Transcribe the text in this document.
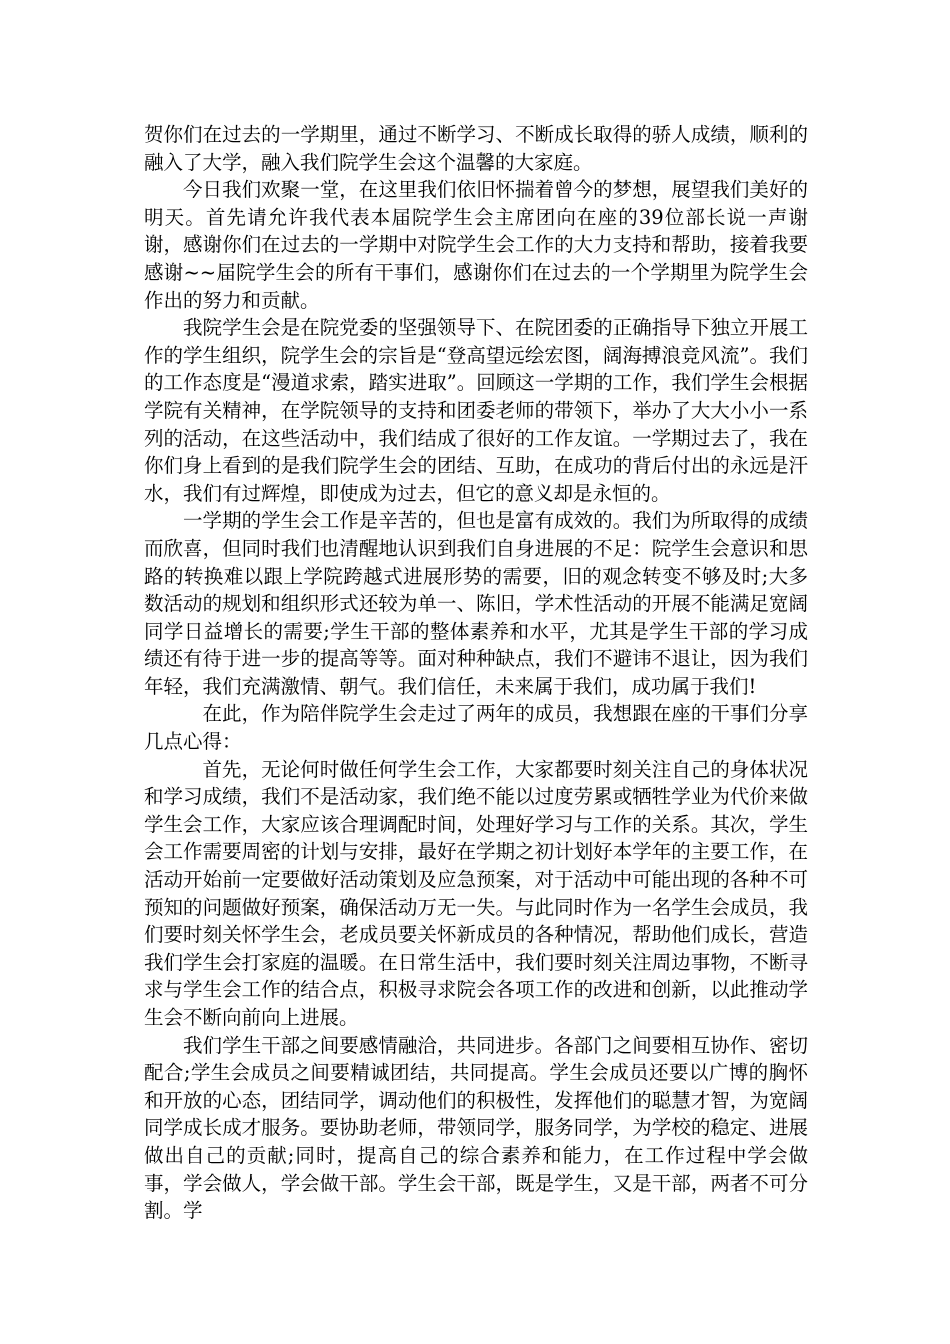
贺你们在过去的一学期里，通过不断学习、不断成长取得的骄人成绩，顺利的融入了大学，融入我们院学生会这个温馨的大家庭。

今日我们欢聚一堂，在这里我们依旧怀揣着曾今的梦想，展望我们美好的明天。首先请允许我代表本届院学生会主席团向在座的39位部长说一声谢谢，感谢你们在过去的一学期中对院学生会工作的大力支持和帮助，接着我要感谢~~届院学生会的所有干事们，感谢你们在过去的一个学期里为院学生会作出的努力和贡献。

我院学生会是在院党委的坚强领导下、在院团委的正确指导下独立开展工作的学生组织，院学生会的宗旨是“登高望远绘宏图，阔海搏浪竞风流”。我们的工作态度是“漫道求索，踏实进取”。回顾这一学期的工作，我们学生会根据学院有关精神，在学院领导的支持和团委老师的带领下，举办了大大小小一系列的活动，在这些活动中，我们结成了很好的工作友谊。一学期过去了，我在你们身上看到的是我们院学生会的团结、互助，在成功的背后付出的永远是汗水，我们有过辉煌，即使成为过去，但它的意义却是永恒的。

一学期的学生会工作是辛苦的，但也是富有成效的。我们为所取得的成绩而欣喜，但同时我们也清醒地认识到我们自身进展的不足：院学生会意识和思路的转换难以跟上学院跨越式进展形势的需要，旧的观念转变不够及时;大多数活动的规划和组织形式还较为单一、陈旧，学术性活动的开展不能满足宽阔同学日益增长的需要;学生干部的整体素养和水平，尤其是学生干部的学习成绩还有待于进一步的提高等等。面对种种缺点，我们不避讳不退让，因为我们年轻，我们充满激情、朝气。我们信任，未来属于我们，成功属于我们!

在此，作为陪伴院学生会走过了两年的成员，我想跟在座的干事们分享几点心得：

首先，无论何时做任何学生会工作，大家都要时刻关注自己的身体状况和学习成绩，我们不是活动家，我们绝不能以过度劳累或牺牲学业为代价来做学生会工作，大家应该合理调配时间，处理好学习与工作的关系。其次，学生会工作需要周密的计划与安排，最好在学期之初计划好本学年的主要工作，在活动开始前一定要做好活动策划及应急预案，对于活动中可能出现的各种不可预知的问题做好预案，确保活动万无一失。与此同时作为一名学生会成员，我们要时刻关怀学生会，老成员要关怀新成员的各种情况，帮助他们成长，营造我们学生会打家庭的温暖。在日常生活中，我们要时刻关注周边事物，不断寻求与学生会工作的结合点，积极寻求院会各项工作的改进和创新，以此推动学生会不断向前向上进展。

我们学生干部之间要感情融洽，共同进步。各部门之间要相互协作、密切配合;学生会成员之间要精诚团结，共同提高。学生会成员还要以广博的胸怀和开放的心态，团结同学，调动他们的积极性，发挥他们的聪慧才智，为宽阔同学成长成才服务。要协助老师，带领同学，服务同学，为学校的稳定、进展做出自己的贡献;同时，提高自己的综合素养和能力，在工作过程中学会做事，学会做人，学会做干部。学生会干部，既是学生，又是干部，两者不可分割。学
